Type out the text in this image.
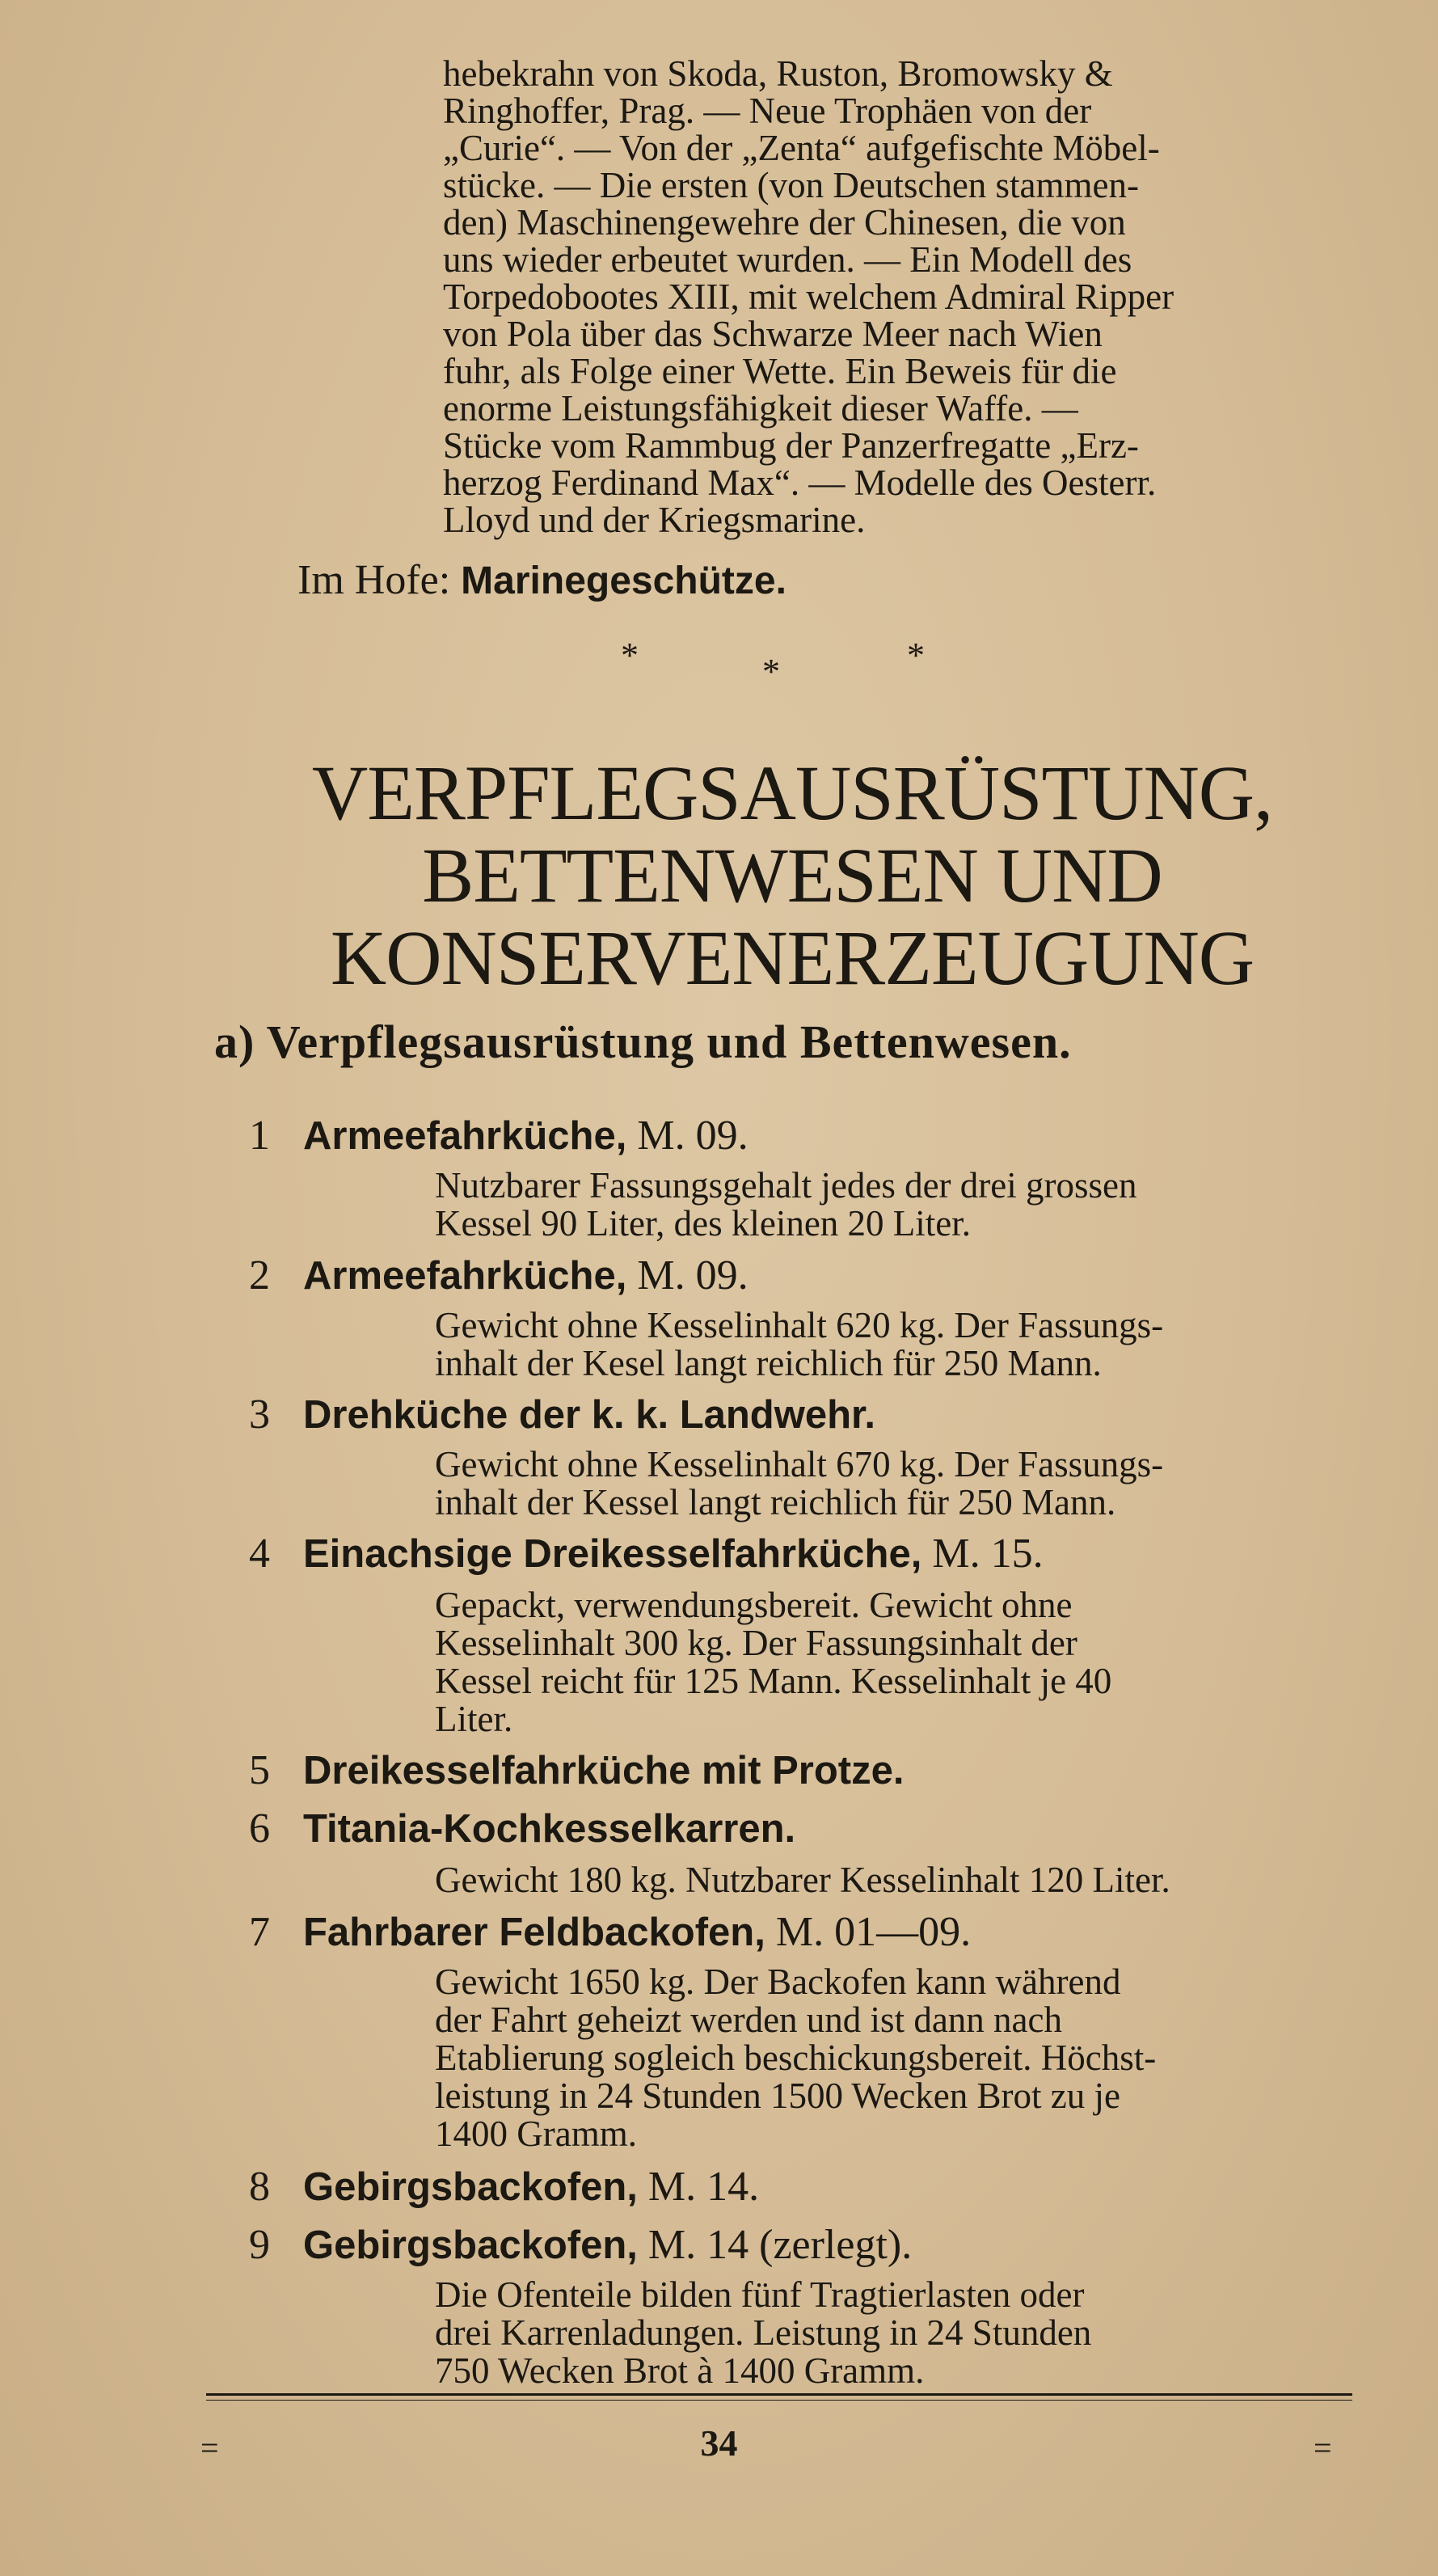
hebekrahn von Skoda, Ruston, Bromowsky &
Ringhoffer, Prag. — Neue Trophäen von der
„Curie“. — Von der „Zenta“ aufgefischte Möbel-
stücke. — Die ersten (von Deutschen stammen-
den) Maschinengewehre der Chinesen, die von
uns wieder erbeutet wurden. — Ein Modell des
Torpedobootes XIII, mit welchem Admiral Ripper
von Pola über das Schwarze Meer nach Wien
fuhr, als Folge einer Wette. Ein Beweis für die
enorme Leistungsfähigkeit dieser Waffe. —
Stücke vom Rammbug der Panzerfregatte „Erz-
herzog Ferdinand Max“. — Modelle des Oesterr.
Lloyd und der Kriegsmarine.
Im Hofe: Marinegeschütze.
*	*	*
VERPFLEGSAUSRÜSTUNG,
BETTENWESEN UND
KONSERVENERZEUGUNG
a) Verpflegsausrüstung und Bettenwesen.
1 Armeefahrküche, M. 09.
Nutzbarer Fassungsgehalt jedes der drei grossen
Kessel 90 Liter, des kleinen 20 Liter.
2 Armeefahrküche, M. 09.
Gewicht ohne Kesselinhalt 620 kg. Der Fassungs-
inhalt der Kesel langt reichlich für 250 Mann.
3 Drehküche der k. k. Landwehr.
Gewicht ohne Kesselinhalt 670 kg. Der Fassungs-
inhalt der Kessel langt reichlich für 250 Mann.
4 Einachsige Dreikesselfahrküche, M. 15.
Gepackt, verwendungsbereit. Gewicht ohne
Kesselinhalt 300 kg. Der Fassungsinhalt der
Kessel reicht für 125 Mann. Kesselinhalt je 40
Liter.
5 Dreikesselfahrküche mit Protze.
6 Titania-Kochkesselkarren.
Gewicht 180 kg. Nutzbarer Kesselinhalt 120 Liter.
7 Fahrbarer Feldbackofen, M. 01—09.
Gewicht 1650 kg. Der Backofen kann während
der Fahrt geheizt werden und ist dann nach
Etablierung sogleich beschickungsbereit. Höchst-
leistung in 24 Stunden 1500 Wecken Brot zu je
1400 Gramm.
8 Gebirgsbackofen, M. 14.
9 Gebirgsbackofen, M. 14 (zerlegt).
Die Ofenteile bilden fünf Tragtierlasten oder
drei Karrenladungen. Leistung in 24 Stunden
750 Wecken Brot à 1400 Gramm.
=	34	=
